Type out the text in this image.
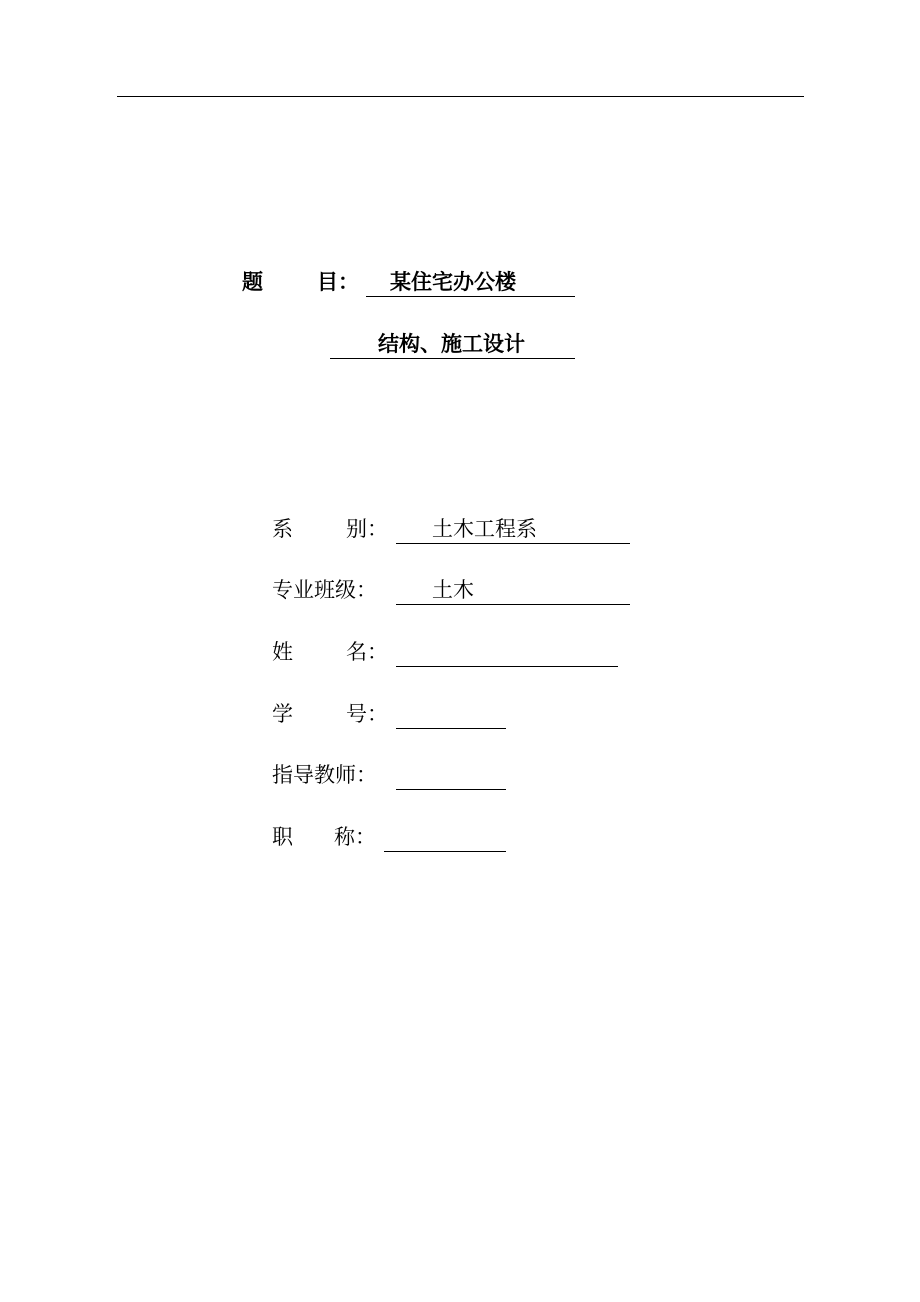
题	目：	某住宅办公楼
结构、施工设计
系	别：	土木工程系
专业班级：	土木
姓	名：
学	号：
指导教师：
职 称：
